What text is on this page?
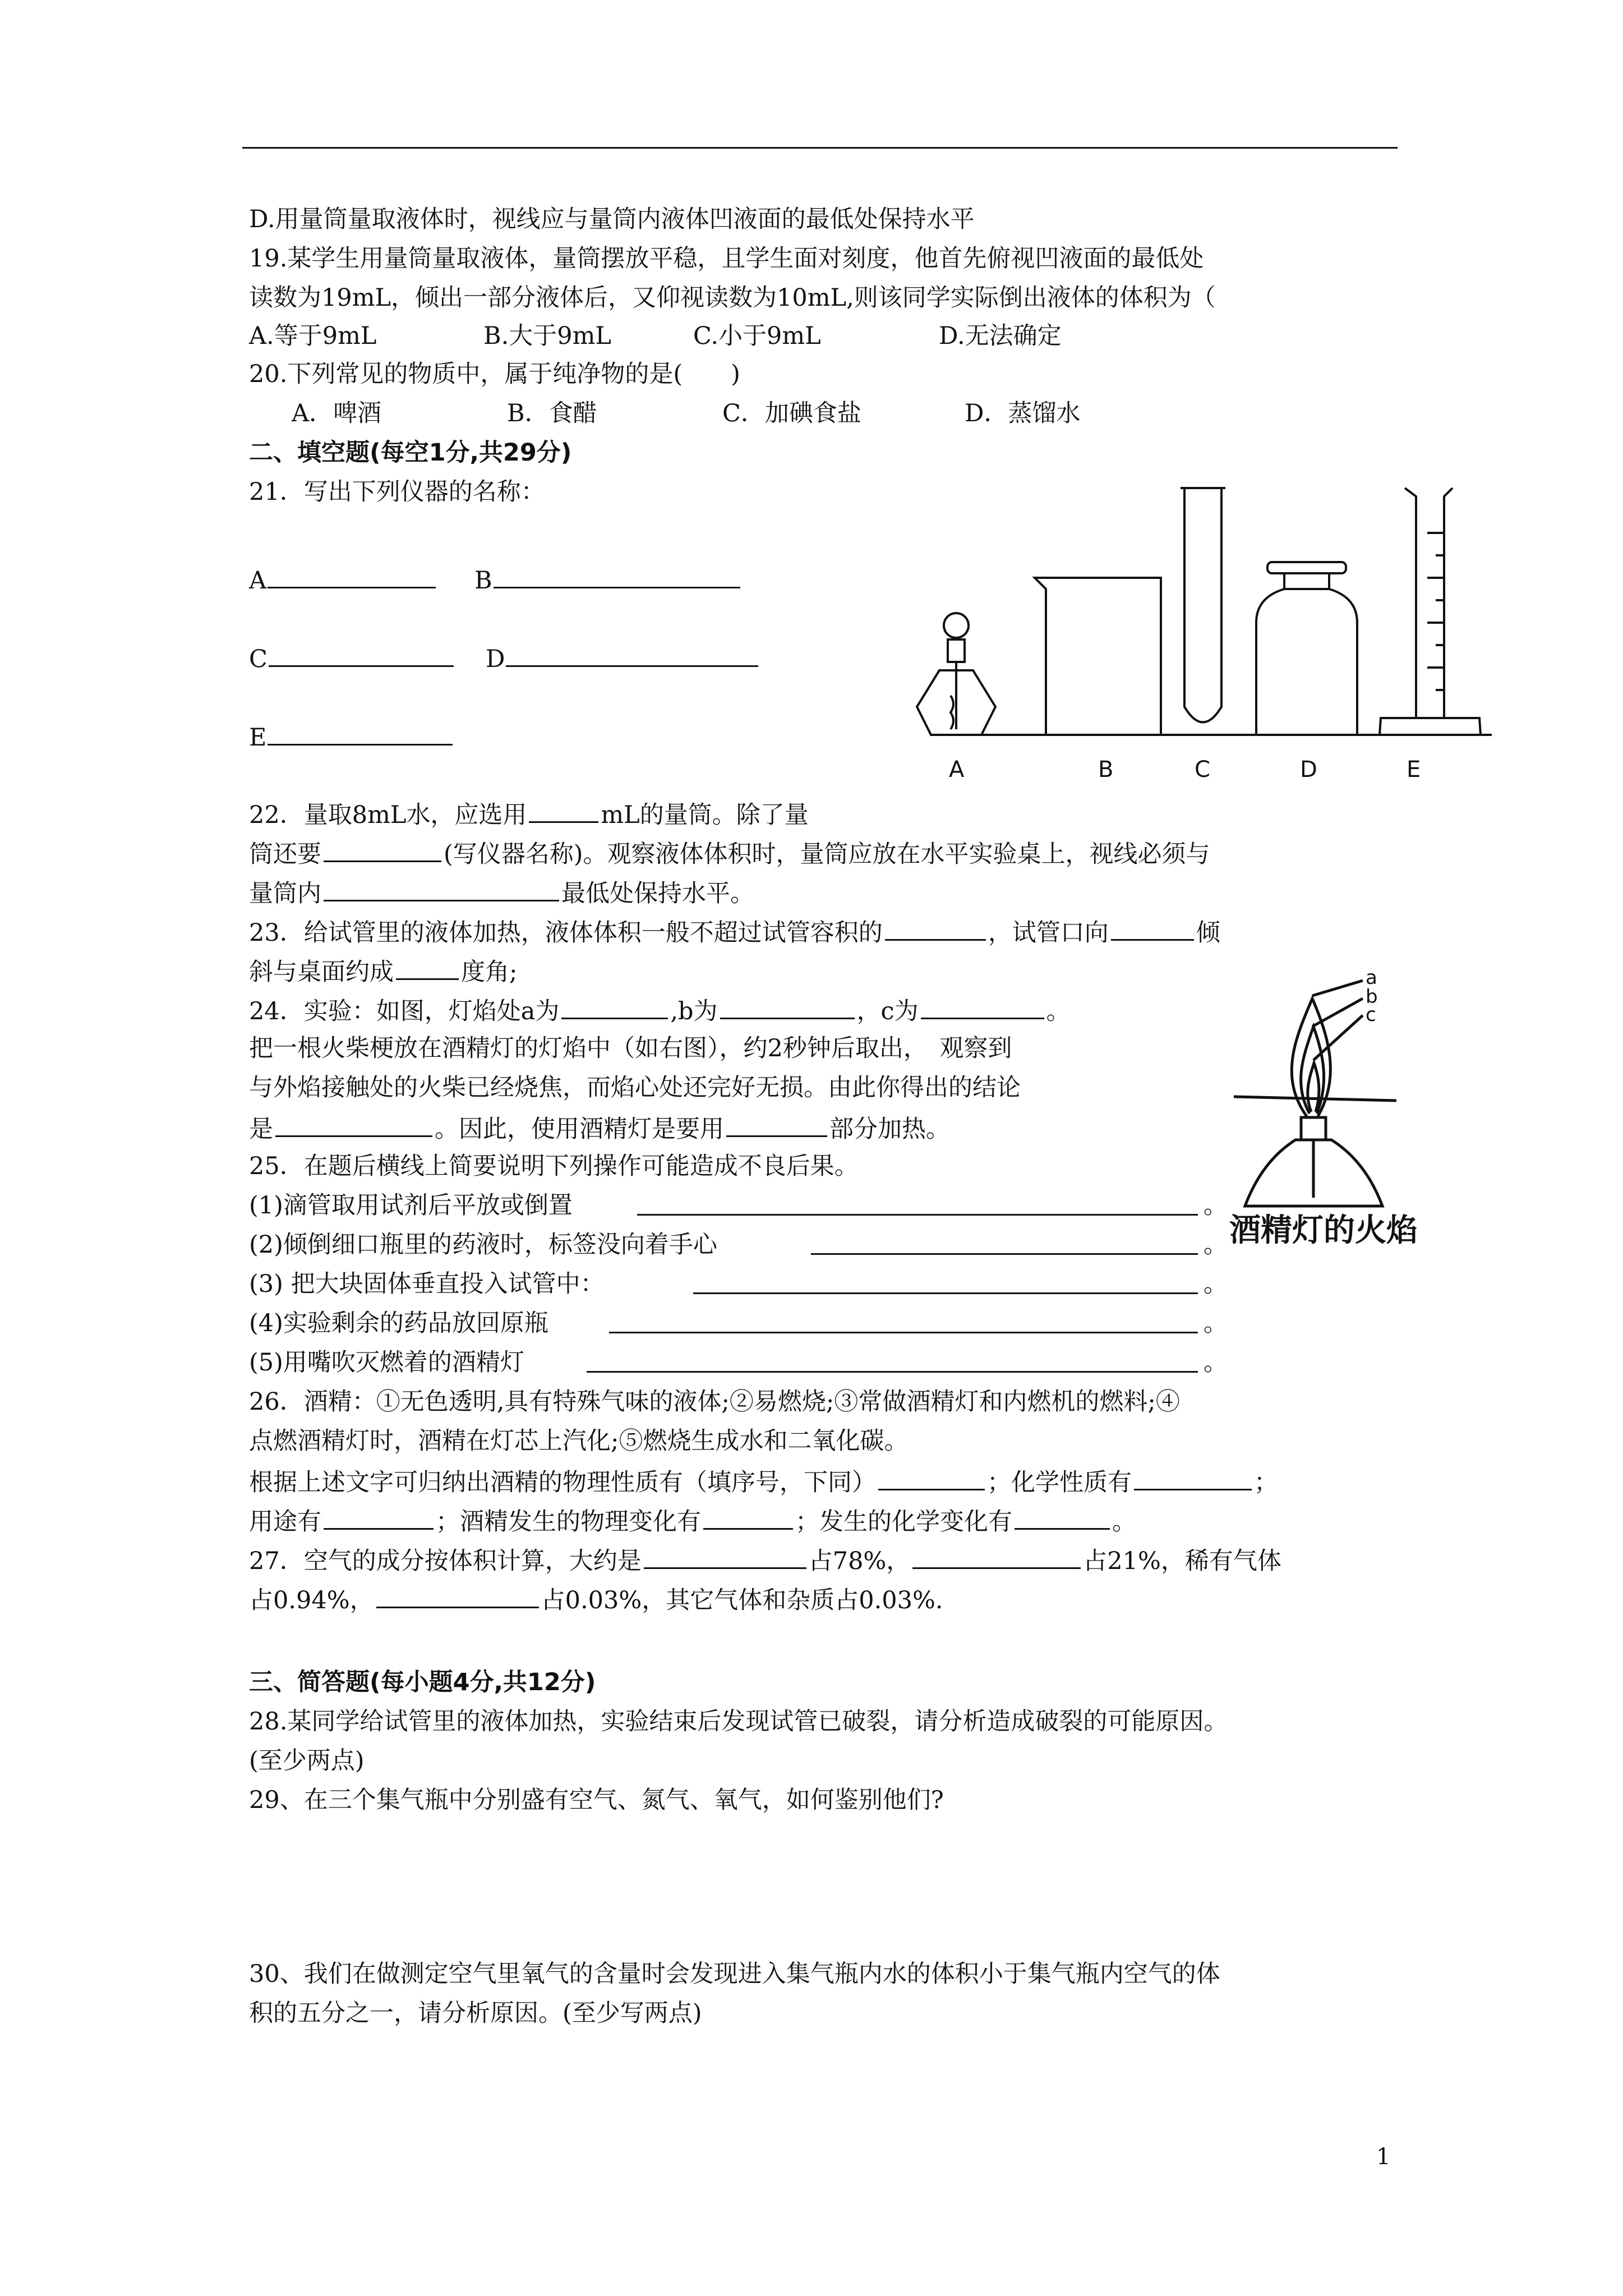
D.用量筒量取液体时，视线应与量筒内液体凹液面的最低处保持水平
19.某学生用量筒量取液体，量筒摆放平稳，且学生面对刻度，他首先俯视凹液面的最低处
读数为19mL，倾出一部分液体后，又仰视读数为10mL,则该同学实际倒出液体的体积为（
A.等于9mL	B.大于9mL	C.小于9mL	D.无法确定
20.下列常见的物质中，属于纯净物的是(　　)
A．啤酒	B．食醋	C．加碘食盐	D．蒸馏水
二、填空题(每空1分,共29分)
21．写出下列仪器的名称：
A	B
C	D
E
A	B	C	D	E
22．量取8mL水，应选用	mL的量筒。除了量
筒还要	(写仪器名称)。观察液体体积时，量筒应放在水平实验桌上，视线必须与
量筒内	最低处保持水平。
23．给试管里的液体加热，液体体积一般不超过试管容积的	，试管口向	倾
斜与桌面约成	度角;
24．实验：如图，灯焰处a为	,b为	，c为	。
把一根火柴梗放在酒精灯的灯焰中（如右图），约2秒钟后取出，　观察到
与外焰接触处的火柴已经烧焦，而焰心处还完好无损。由此你得出的结论
是	。因此，使用酒精灯是要用	部分加热。
a
b
c
酒精灯的火焰
25．在题后横线上简要说明下列操作可能造成不良后果。
(1)滴管取用试剂后平放或倒置	。
(2)倾倒细口瓶里的药液时，标签没向着手心	。
(3) 把大块固体垂直投入试管中：	。
(4)实验剩余的药品放回原瓶	。
(5)用嘴吹灭燃着的酒精灯	。
26．酒精：①无色透明,具有特殊气味的液体;②易燃烧;③常做酒精灯和内燃机的燃料;④
点燃酒精灯时，酒精在灯芯上汽化;⑤燃烧生成水和二氧化碳。
根据上述文字可归纳出酒精的物理性质有（填序号，下同）	；化学性质有	；
用途有	；酒精发生的物理变化有	；发生的化学变化有	。
27．空气的成分按体积计算，大约是	占78%，	占21%，稀有气体
占0.94%，	占0.03%，其它气体和杂质占0.03%.
三、简答题(每小题4分,共12分)
28.某同学给试管里的液体加热，实验结束后发现试管已破裂，请分析造成破裂的可能原因。
(至少两点)
29、在三个集气瓶中分别盛有空气、氮气、氧气，如何鉴别他们?
30、我们在做测定空气里氧气的含量时会发现进入集气瓶内水的体积小于集气瓶内空气的体
积的五分之一，请分析原因。(至少写两点)
1
